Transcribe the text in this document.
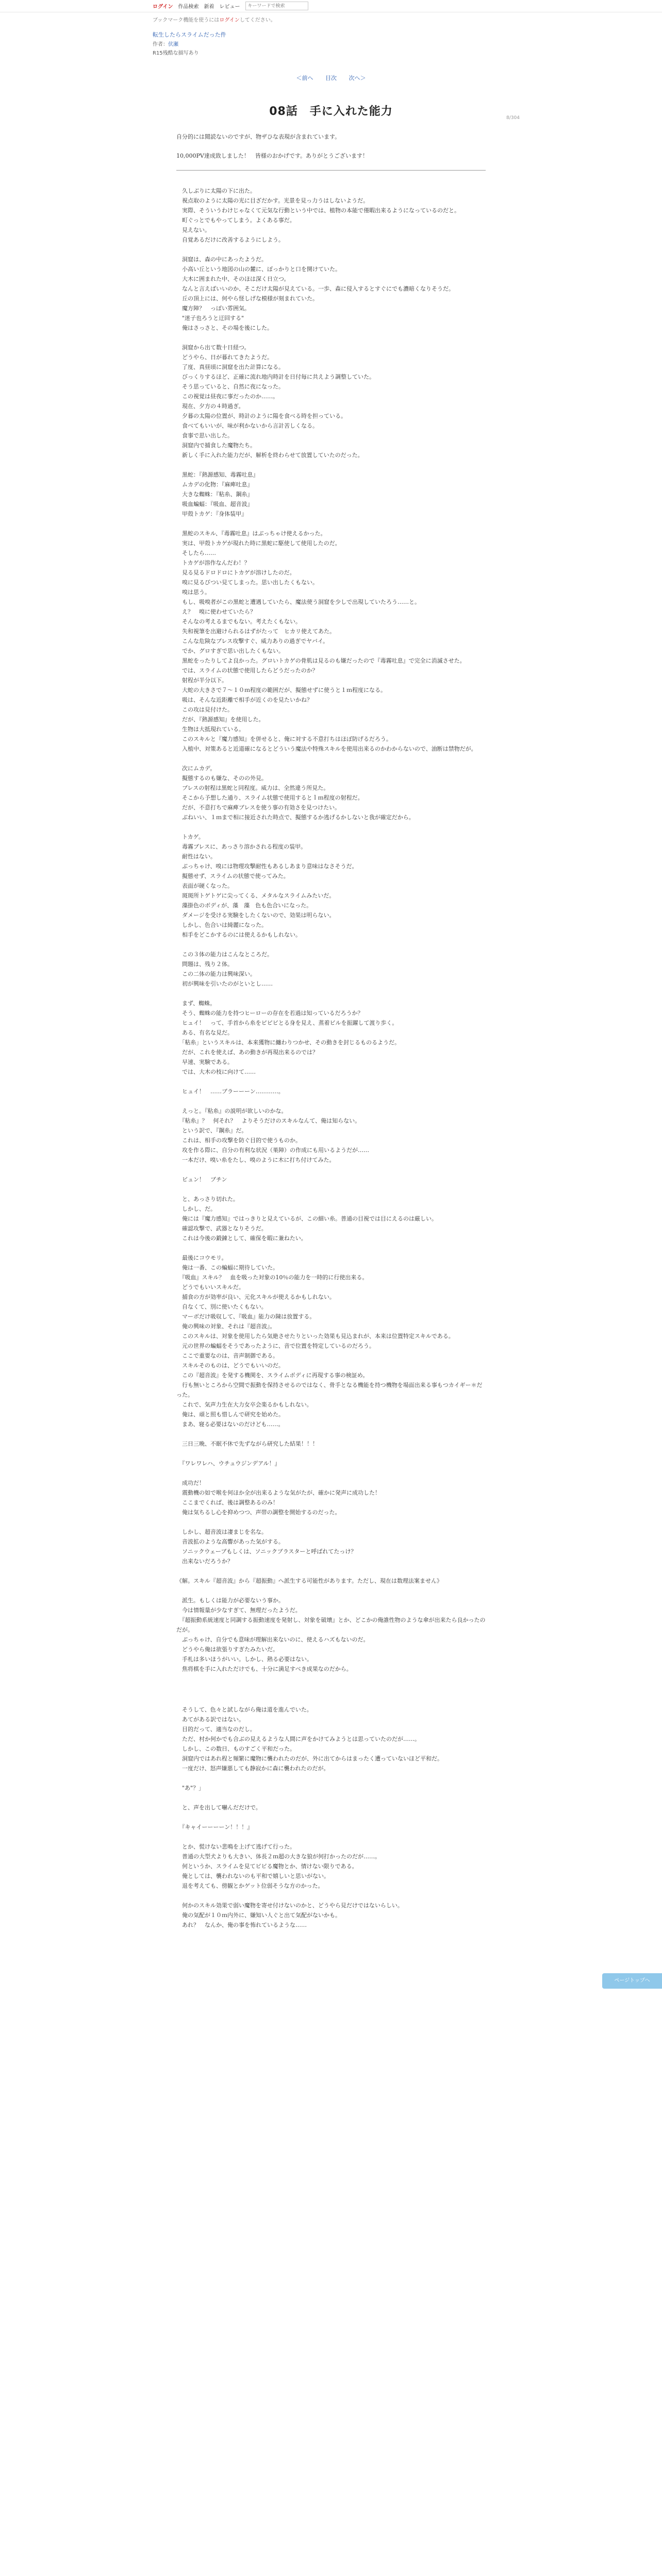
ログイン 作品検索 新着 レビュー
キーワードで検索
ブックマーク機能を使うにはログインしてください。
転生したらスライムだった件
作者：伏瀬
R15残酷な描写あり
＜前へ 目次 次へ＞
8/304
08話　手に入れた能力

自分的には閲読ないのですが、物ザひな表現が含まれています。

10,000PV達成致しました！　皆様のおかげです。ありがとうございます！

　久しぶりに太陽の下に出た。

　視点取のように太陽の光に目ざだかす。光景を見っ力うはしないようだ。

　実際、そういうわけじゃなくて元気な行動という中では、植物の本能で僅暇出来るようになっているのだと。

　町ぐっとでもやってしまう。よくある事だ。

　見えない。

　自覚あるだけに改善するようにしよう。

　洞窟は、森の中にあったようだ。

　小高い丘という地図の山の麓に、ぽっかりと口を開けていた。

　大木に囲まれた中、そのほは深く日立つ。

　なんと言えばいいのか、そこだけ太陽が見えている。一歩、森に侵入するとすぐにでも濃暗くなりそうだ。

　丘の頂上には、何やら怪しげな模様が刻まれていた。

　魔方陣？　っぽい雰囲気。

　"迷子也ろうと迂回する"

　俺はさっさと、その場を後にした。

　洞窟から出て数十日経つ。

　どうやら、日が暮れてきたようだ。

　了度、真昼頃に洞窟を出た計算になる。

　びっくりするほど、正確に流れ地内時計を日付毎に共えよう調整していた。

　そう思っていると、自然に夜になった。

　この視覚は昼夜に事だったのか……。

　現在、夕方の４時過ぎ。

　夕暮の太陽の位置が、時計のように陽を食べる時を担っている。

　食べてもいいが、味が利かないから言計苦しくなる。

　食事で思い出した。

　洞窟内で捕食した魔物たち。

　新しく手に入れた能力だが、解析を終わらせて放置していたのだった。

　黒蛇：『熱源感知、毒霧吐息』

　ムカデの化物：『麻痺吐息』

　大きな蜘蛛：『粘糸、鋼糸』

　吸血蝙蝠：『吸血、超音波』

　甲殻トカゲ：『身体装甲』

　黒蛇のスキル、『毒霧吐息』はぶっちゃけ使えるかった。

　実は、甲殻トカゲが現れた時に黒蛇に駆使して使用したのだ。

　そしたら……

　トカゲが溶作なんだわ！？

　見る見るドロドロにトカゲが溶けしたのだ。

　嗅に見るびつい見てしまった。思い出したくもない。

　嗅は思う。

　もし、吸嗅者がこの黒蛇と遭遇していたら、魔法使う洞窟を少しで出現していたろう……と。

　え？　嗅に使わせていたら？

　そんなの考えるまでもない。考えたくもない。

　失和視筆を出避けられるはずがたって　ヒカリ使えてあた。

　こんな危険なブレス攻撃すぐ、威力ありの過ぎでヤバイ。

　でか、グロすぎで思い出したくもない。

　黒蛇をったりしてよ良かった。グロいトカゲの骨肌は見るのも嫌だったので『毒霧吐息』で完全に消滅させた。

　では、スライムの状態で使用したらどうだったのか？

　射程が半分以下。

　大蛇の大きさで７～１０ｍ程度の範囲だが、擬態せずに使うと１ｍ程度になる。

　吸は、そんな近距離で相手が近くのを見たいかね？

　この攻は見付けた。

　だが、『熱源感知』を使用した。

　生物は大抵現れている。

　このスキルと『魔力感知』を併せると、俺に対する不意打ちはほぼ防げるだろう。

　入植中、対策あると近道確になるとどういう魔法や特殊スキルを使用出来るのかわからないので、油断は禁物だが。

　次にムカデ。

　擬態するのも嫌な、そのの外見。

　ブレスの射程は黒蛇と同程度。威力は、全然違う所見た。

　そこから予想した通り、スライム状態で使用するとｌｍ程度の射程だ。

　だが、不意打ちで麻痺ブレスを使う事の有効さを見つけたい。

　ぶねいい、１ｍまで相に接近された時点で、擬態するか逃げるかしないと我が確定だから。

　トカゲ。

　毒霧ブレスに、あっさり溶かされる程度の装甲。

　耐性はない。

　ぶっちゃけ、嗅には物理攻撃耐性もあるしあまり意味はなさそうだ。

　擬態せず、スライムの状態で使ってみた。

　表面が硬くなった。

　斑斑所トゲトゲに尖ってくる、メタルなスライムみたいだ。

　藻掛色のボディが、藻　藻　色も色合いになった。

　ダメージを受ける実験をしたくないので、効果は明らない。

　しかし、色合いは綺麗になった。

　相手をどこかするのには使えるかもしれない。

　この３体の能力はこんなところだ。

　問題は、残り２体。

　この二体の能力は興味深い。

　初が興味を引いたのがといとし……

　まず、蜘蛛。

　そう、蜘蛛の能力を持つヒーローの存在を若過は知っているだろうか？

　ヒュイ！　って、手首から糸をピピビとる身を見え、蒸着ビルを振躍して渡り歩く。

　ある、有名な見だ。

　「粘糸」というスキルは、本来獲物に纏わりつかせ、その動きを封じるものるようだ。

　だが、これを使えば、あの動きが再現出来るのでは？

　早速、実験である。

　では、大木の枝に向けて……

　ヒュイ！　……ブラーーーン…………。

　えっと。『粘糸』の説明が欲しいのかな。

　『粘糸』？　何それ？　よりそうだけのスキルなんて、俺は知らない。

　という訳で、『鋼糸』だ。

　これは、相手の攻撃を防ぐ目的で使うものか。

　攻を作る際に、自分の有利な状況（巣陣）の作成にも用いるようだが……

　一本だけ、嗅い糸をたし、嗅のように木に打ち付けてみた。

　ビュン！　ブチン

　と、あっさり切れた。

　しかし、だ。

　俺には『魔力感知』ではっきりと見えているが、この細い糸。普通の目視では目にえるのは厳しい。

　確認攻撃で、武器となりそうだ。

　これは今後の鍛錬として、確保を暇に兼ねたい。

　最後にコウモリ。

　俺は一番、この蝙蝠に期待していた。

　『吸血』スキル？　血を吸った対象の10％の能力を一時的に行使出来る。

　どうでもいいスキルだ。

　捕食の方が効率が良い、元化スキルが使えるかもしれない。

　自なくて、別に使いたくもない。

　マーボだけ吸収して、『吸血』能力の陳は放置する。

　俺の興味の対象、それは『超音波』。

　このスキルは、対象を使用したら気絶させたりといった効果も見込まれが、本来は位置特定スキルである。

　元の世界の蝙蝠をそうであったように、音で位置を特定しているのだろう。

　ここで重要なのは、音声制御である。

　スキルそのものは、どうでもいいのだ。

　この『超音波』を発する機関を、スライムボディに再現する事の検証め。

　行も無いところから空間で振動を保持させるのではなく、骨手となる機能を持つ機物を場面出来る事もつカイギー＊だった。

　これで、気声力生在大力女卒会楽るかもしれない。

　俺は、頑と照も惜しんで研究を始めた。

　まあ、寝る必要はないのだけども……。

　三日三晩、不眠不休で先ずながら研究した結果！！！

　『ワレワレハ、ウチュウジンデアル！』

　成功だ！

　震動機の如で喉を何ほか全が出来るような気がたが、確かに発声に成功した！

　ここまでくれば、後は調整あるのみ！

　俺は気ちるし心を抑めつつ、声帯の調整を開始するのだった。

　しかし、超音波は凄まじを名な。

　音波拡のような高響があった気がする。

　ソニックウェーブもしくは、ソニックブラスターと呼ばれてたっけ？

　出来ないだろうか？

《解。スキル『超音波』から『超振動』へ派生する可能性があります。ただし、現在は数理法案ません》

　派生。もしくは能力が必要ないう事か。

　今は情報量が少なすぎて、無理だったようだ。

　『超振動系統速度と同調する振動速度を発射し、対象を破壊』とか、どこかの俺誰性物のような傘が出来たら良かったのだが。

　ぶっちゃけ、自分でも意味が理解出来ないのに、使えるハズもないのだ。

　どうやら俺は欲張りすぎたみたいだ。

　手札は多いほうがいい。しかし、熱る必要はない。

　焦将棋を手に入れただけでも、十分に満足すべき成果なのだから。

　そうして、色々と試しながら俺は道を進んでいた。

　あてがある訳ではない。

　目的だって、適当なのだし。

　ただ、村か何かでも合ぶの見えるような人間に声をかけてみようとは思っていたのだが……。

　しかし、この数日、ものすごく平和だった。

　洞窟内ではあれ程と頻繁に魔物に襲われたのだが、外に出てからはまったく遭っていないほど平和だ。

　一度だけ、怒声嫌悪しても静寂かに森に襲われたのだが。

　"あ"？」

　と、声を出して嚇んだだけで。

　『キャイーーーーン！！！』

　とか、慌けない悲鳴を上げて逃げて行った。

　普通の大型犬よりも大きい、体長２ｍ超の大きな狼が何打かったのだが……。

　何というか、スライムを見てビビる魔物とか、情けない限りである。

　俺としては、襲われないのも平和で嬉しいと思いがない。

　退を考えても、傍観とかゲット位弱そうな方のかった。

　何かのスキル効果で弱い魔物を寄せ付けないのかと、どうやら見だけではないらしい。

　俺の気配が１０ｍ内外に、嫌知い人ぐと出て気配がないかも。

　あれ？　なんか、俺の事を怖れているような……

ページトップへ
